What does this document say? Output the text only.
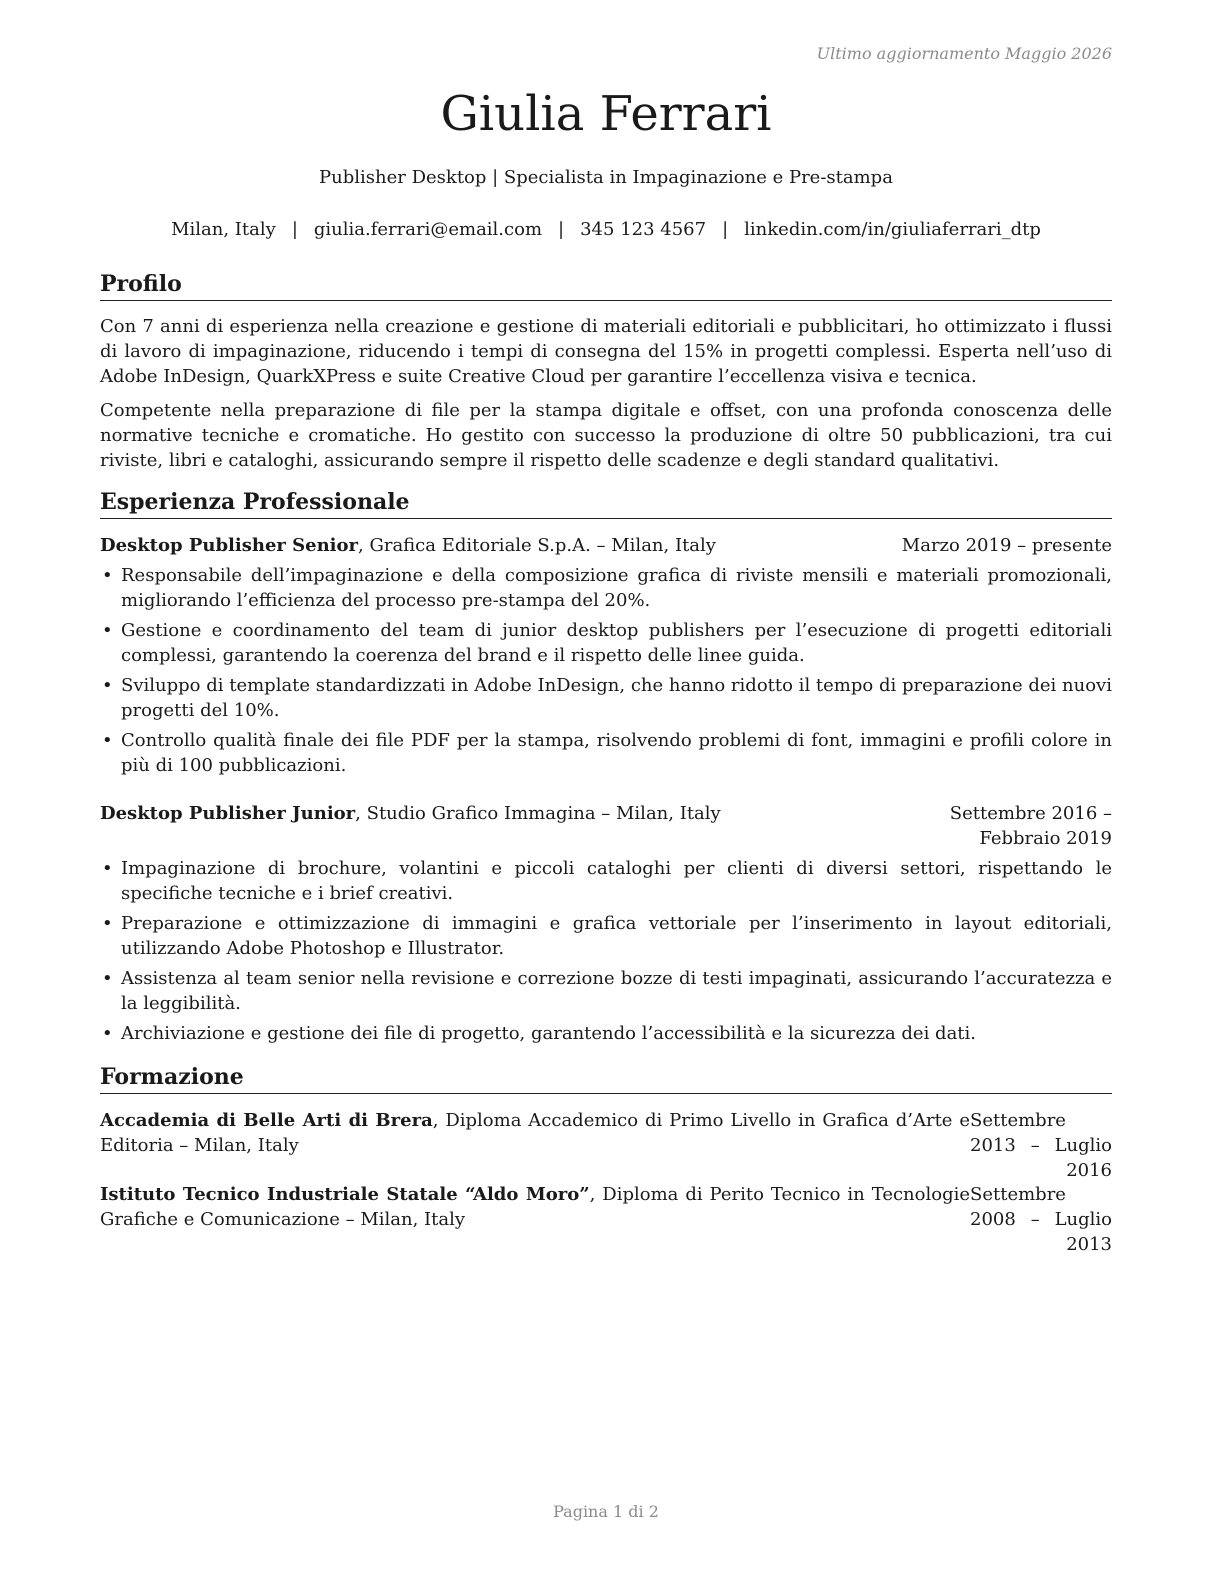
Ultimo aggiornamento Maggio 2026
Giulia Ferrari
Publisher Desktop | Specialista in Impaginazione e Pre-stampa
Milan, Italy | giulia.ferrari@email.com | 345 123 4567 | linkedin.com/in/giuliaferrari_dtp
Profilo

Con 7 anni di esperienza nella creazione e gestione di materiali editoriali e pubblicitari, ho ottimizzato i flussi di lavoro di impaginazione, riducendo i tempi di consegna del 15% in progetti complessi. Esperta nell’uso di Adobe InDesign, QuarkXPress e suite Creative Cloud per garantire l’eccellenza visiva e tecnica.

Competente nella preparazione di file per la stampa digitale e offset, con una profonda conoscenza delle normative tecniche e cromatiche. Ho gestito con successo la produzione di oltre 50 pubblicazioni, tra cui riviste, libri e cataloghi, assicurando sempre il rispetto delle scadenze e degli standard qualitativi.

Esperienza Professionale
Desktop Publisher Senior, Grafica Editoriale S.p.A. – Milan, Italy	Marzo 2019 – presente
• Responsabile dell’impaginazione e della composizione grafica di riviste mensili e materiali promozionali, migliorando l’efficienza del processo pre-stampa del 20%.
• Gestione e coordinamento del team di junior desktop publishers per l’esecuzione di progetti editoriali complessi, garantendo la coerenza del brand e il rispetto delle linee guida.
• Sviluppo di template standardizzati in Adobe InDesign, che hanno ridotto il tempo di preparazione dei nuovi progetti del 10%.
• Controllo qualità finale dei file PDF per la stampa, risolvendo problemi di font, immagini e profili colore in più di 100 pubblicazioni.
Desktop Publisher Junior, Studio Grafico Immagina – Milan, Italy	Settembre 2016 – Febbraio 2019
• Impaginazione di brochure, volantini e piccoli cataloghi per clienti di diversi settori, rispettando le specifiche tecniche e i brief creativi.
• Preparazione e ottimizzazione di immagini e grafica vettoriale per l’inserimento in layout editoriali, utilizzando Adobe Photoshop e Illustrator.
• Assistenza al team senior nella revisione e correzione bozze di testi impaginati, assicurando l’accuratezza e la leggibilità.
• Archiviazione e gestione dei file di progetto, garantendo l’accessibilità e la sicurezza dei dati.
Formazione
Accademia di Belle Arti di Brera, Diploma Accademico di Primo Livello in Grafica d’Arte e Editoria – Milan, Italy
Settembre 2013 – Luglio
2016
Istituto Tecnico Industriale Statale “Aldo Moro”, Diploma di Perito Tecnico in Tecnologie Grafiche e Comunicazione – Milan, Italy
Settembre 2008 – Luglio
2013
Pagina 1 di 2
